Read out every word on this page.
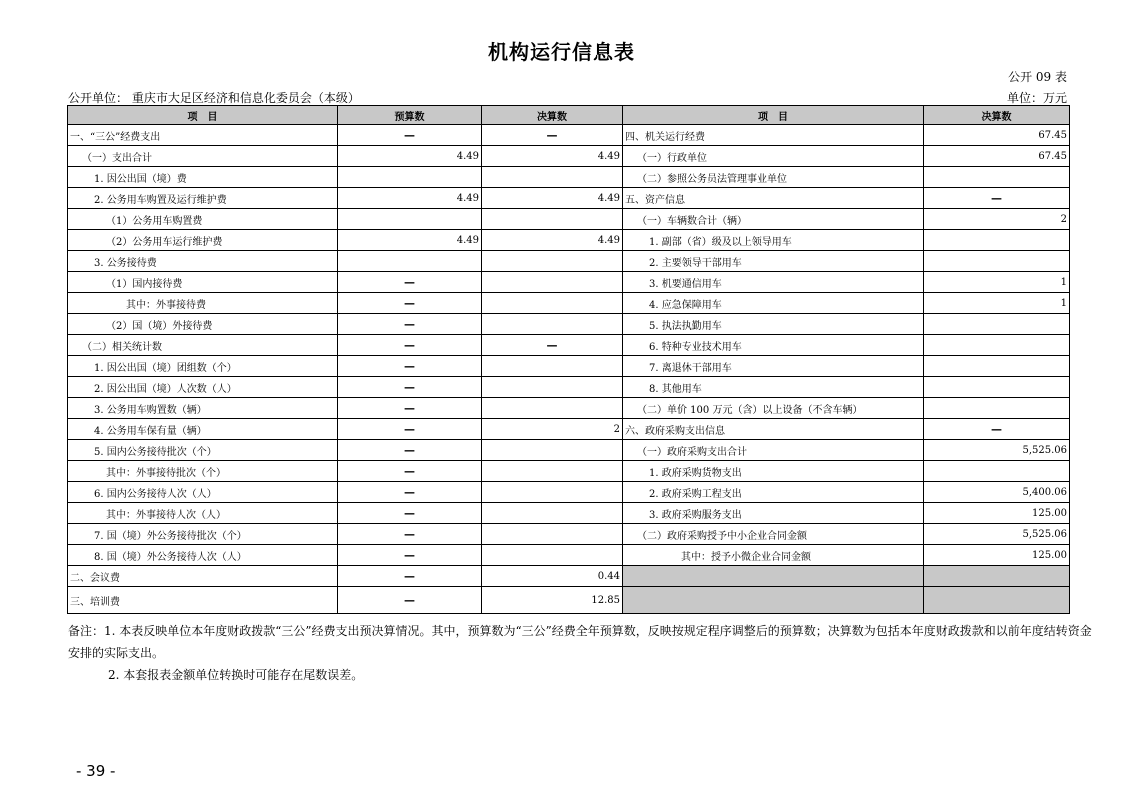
机构运行信息表
公开 09 表
公开单位： 重庆市大足区经济和信息化委员会（本级）	单位：万元
项　目	预算数	决算数	项　目	决算数
一、“三公”经费支出	—	—	四、机关运行经费	67.45
（一）支出合计	4.49	4.49	（一）行政单位	67.45
1. 因公出国（境）费			（二）参照公务员法管理事业单位	
2. 公务用车购置及运行维护费	4.49	4.49	五、资产信息	—
（1）公务用车购置费			（一）车辆数合计（辆）	2
（2）公务用车运行维护费	4.49	4.49	1. 副部（省）级及以上领导用车	
3. 公务接待费			2. 主要领导干部用车	
（1）国内接待费	—		3. 机要通信用车	1
其中：外事接待费	—		4. 应急保障用车	1
（2）国（境）外接待费	—		5. 执法执勤用车	
（二）相关统计数	—	—	6. 特种专业技术用车	
1. 因公出国（境）团组数（个）	—		7. 离退休干部用车	
2. 因公出国（境）人次数（人）	—		8. 其他用车	
3. 公务用车购置数（辆）	—		（二）单价 100 万元（含）以上设备（不含车辆）	
4. 公务用车保有量（辆）	—	2	六、政府采购支出信息	—
5. 国内公务接待批次（个）	—		（一）政府采购支出合计	5,525.06
其中：外事接待批次（个）	—		1. 政府采购货物支出	
6. 国内公务接待人次（人）	—		2. 政府采购工程支出	5,400.06
其中：外事接待人次（人）	—		3. 政府采购服务支出	125.00
7. 国（境）外公务接待批次（个）	—		（二）政府采购授予中小企业合同金额	5,525.06
8. 国（境）外公务接待人次（人）	—		其中：授予小微企业合同金额	125.00
二、会议费	—	0.44		
三、培训费	—	12.85		

备注：1. 本表反映单位本年度财政拨款“三公”经费支出预决算情况。其中，预算数为“三公”经费全年预算数，反映按规定程序调整后的预算数；决算数为包括本年度财政拨款和以前年度结转资金安排的实际支出。

2. 本套报表金额单位转换时可能存在尾数误差。

- 39 -
